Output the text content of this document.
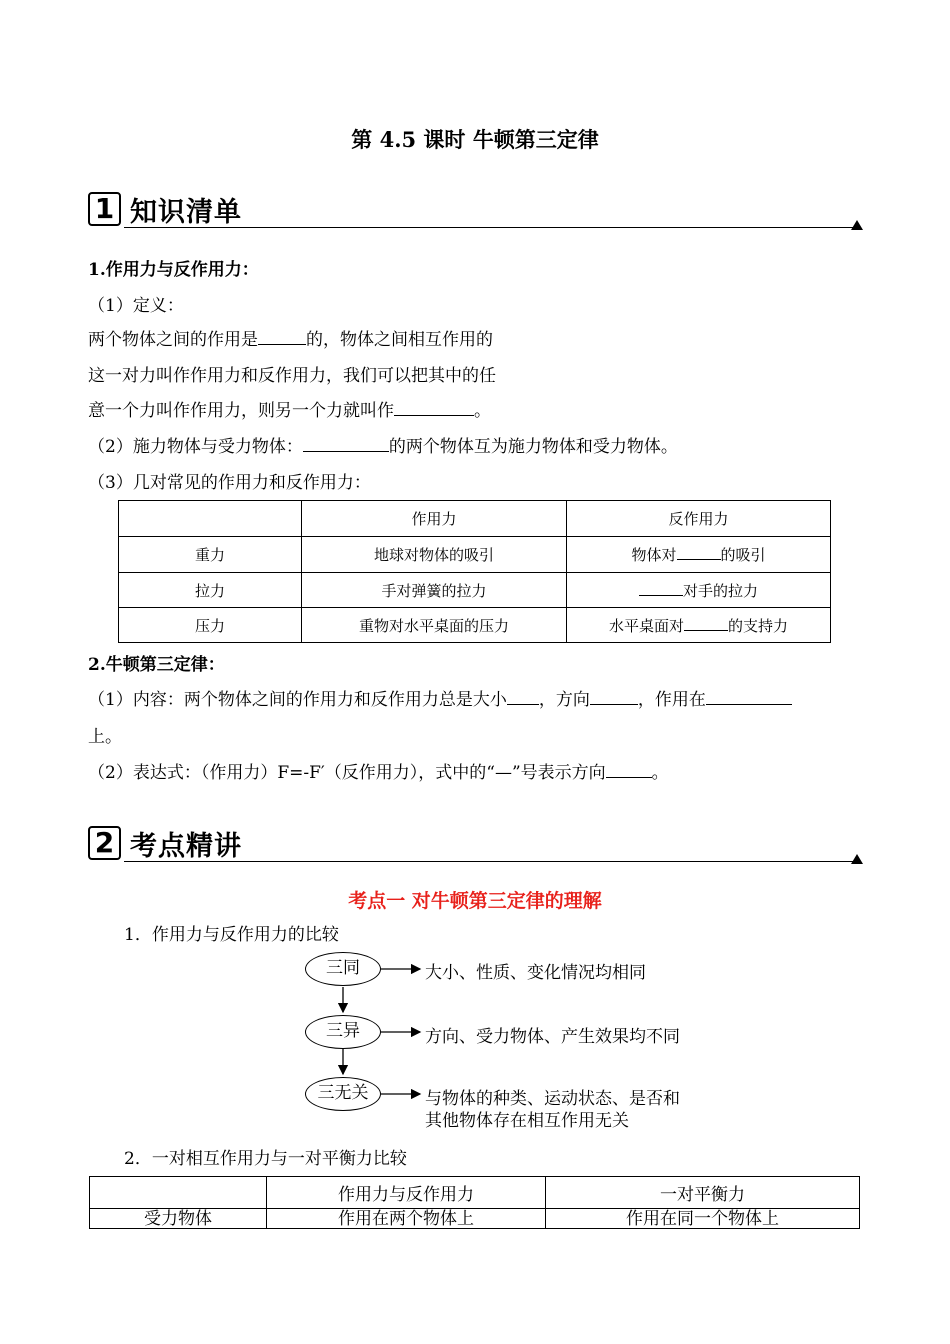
第 4.5 课时 牛顿第三定律
1 知识清单
1.作用力与反作用力：
（1）定义：
两个物体之间的作用是	的，物体之间相互作用的
这一对力叫作作用力和反作用力，我们可以把其中的任
意一个力叫作作用力，则另一个力就叫作	。
（2）施力物体与受力物体：	的两个物体互为施力物体和受力物体。
（3）几对常见的作用力和反作用力：
	作用力	反作用力
重力	地球对物体的吸引	物体对 的吸引
拉力	手对弹簧的拉力	对手的拉力
压力	重物对水平桌面的压力	水平桌面对 的支持力
2.牛顿第三定律：
（1）内容：两个物体之间的作用力和反作用力总是大小 ，方向	，作用在
上。
（2）表达式：（作用力）F=-F′（反作用力），式中的“—”号表示方向	。
2 考点精讲
考点一 对牛顿第三定律的理解
1．作用力与反作用力的比较
三同	大小、性质、变化情况均相同
三异	方向、受力物体、产生效果均不同
三无关	与物体的种类、运动状态、是否和
其他物体存在相互作用无关
2．一对相互作用力与一对平衡力比较
	作用力与反作用力	一对平衡力
受力物体	作用在两个物体上	作用在同一个物体上
